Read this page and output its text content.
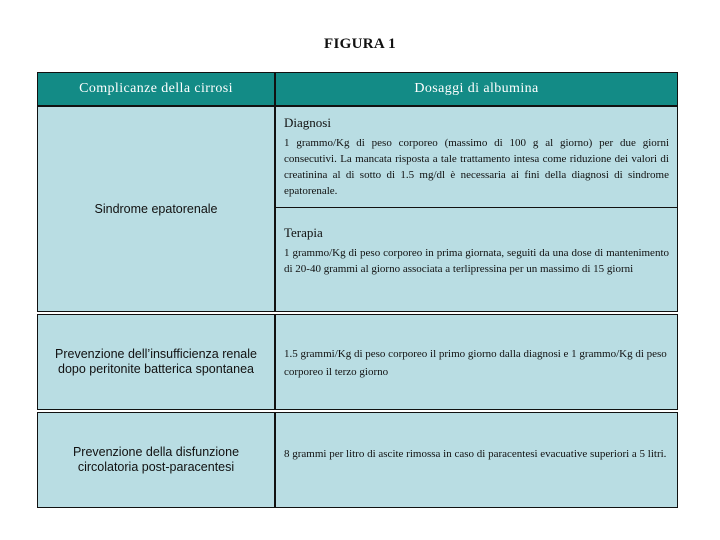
FIGURA 1
Complicanze della cirrosi	Dosaggi di albumina
Sindrome epatorenale
Diagnosi
1 grammo/Kg di peso corporeo (massimo di 100 g al giorno) per due giorni consecutivi. La mancata risposta a tale trattamento intesa come riduzione dei valori di creatinina al di sotto di 1.5 mg/dl è necessaria ai fini della diagnosi di sindrome epatorenale.
Terapia
1 grammo/Kg di peso corporeo in prima giornata, seguiti da una dose di mantenimento di 20-40 grammi al giorno associata a terlipressina per un massimo di 15 giorni
Prevenzione dell’insufficienza renale dopo peritonite batterica spontanea
1.5 grammi/Kg di peso corporeo il primo giorno dalla diagnosi e 1 grammo/Kg di peso corporeo il terzo giorno
Prevenzione della disfunzione circolatoria post-paracentesi
8 grammi per litro di ascite rimossa in caso di paracentesi evacuative superiori a 5 litri.
